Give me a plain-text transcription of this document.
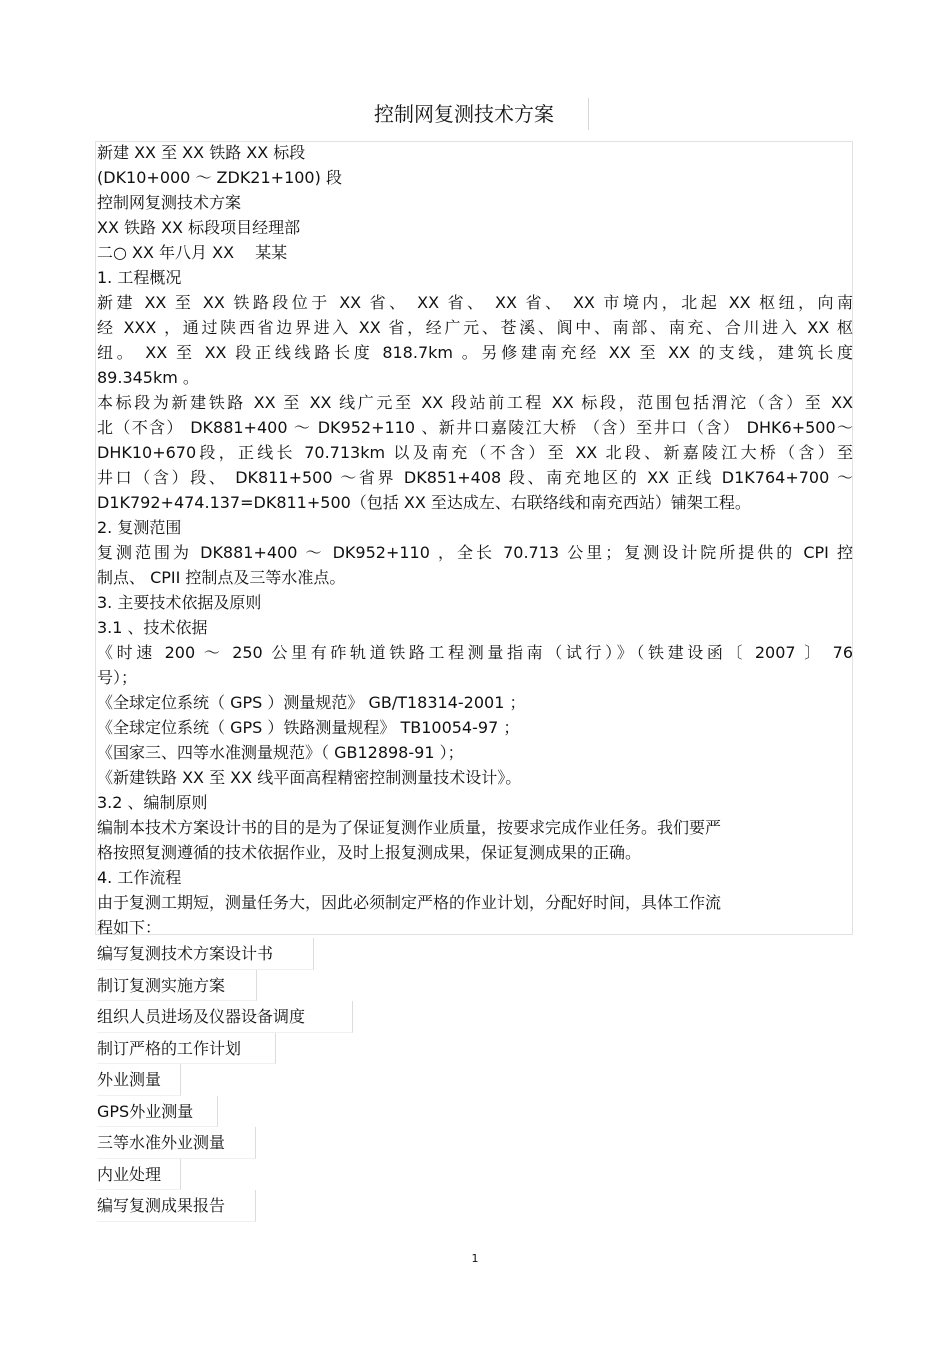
控制网复测技术方案
新建 XX 至 XX 铁路 XX 标段
(DK10+000 ～ ZDK21+100) 段
控制网复测技术方案
XX 铁路 XX 标段项目经理部
二○ XX 年八月 XX 　某某
1. 工程概况
新建 XX 至 XX 铁路段位于 XX 省、 XX 省、 XX 省、 XX 市境内，北起 XX 枢纽，向南
经 XXX ，通过陕西省边界进入 XX 省，经广元、苍溪、阆中、南部、南充、合川进入 XX 枢
纽。 XX 至 XX 段正线线路长度 818.7km 。另修建南充经 XX 至 XX 的支线，建筑长度
89.345km 。
本标段为新建铁路 XX 至 XX 线广元至 XX 段站前工程 XX 标段，范围包括渭沱（含）至 XX
北（不含） DK881+400 ～ DK952+110 、新井口嘉陵江大桥 （含）至井口（含） DHK6+500～
DHK10+670段，正线长 70.713km 以及南充（不含）至 XX 北段、新嘉陵江大桥（含）至
井口（含）段、 DK811+500 ～省界 DK851+408 段、南充地区的 XX 正线 D1K764+700 ～
D1K792+474.137=DK811+500（包括 XX 至达成左、右联络线和南充西站）铺架工程。
2. 复测范围
复测范围为 DK881+400 ～ DK952+110 ，全长 70.713 公里；复测设计院所提供的 CPI 控
制点、 CPII 控制点及三等水准点。
3. 主要技术依据及原则
3.1 、技术依据
《时速 200 ～ 250 公里有砟轨道铁路工程测量指南（试行）》（铁建设函〔 2007 〕 76
号）；
《全球定位系统（ GPS ）测量规范》 GB/T18314-2001 ；
《全球定位系统（ GPS ）铁路测量规程》 TB10054-97 ；
《国家三、四等水准测量规范》（ GB12898-91 ）；
《新建铁路 XX 至 XX 线平面高程精密控制测量技术设计》。
3.2 、编制原则
编制本技术方案设计书的目的是为了保证复测作业质量，按要求完成作业任务。我们要严
格按照复测遵循的技术依据作业，及时上报复测成果，保证复测成果的正确。
4. 工作流程
由于复测工期短，测量任务大，因此必须制定严格的作业计划，分配好时间，具体工作流
程如下：
编写复测技术方案设计书
制订复测实施方案
组织人员进场及仪器设备调度
制订严格的工作计划
外业测量
GPS外业测量
三等水准外业测量
内业处理
编写复测成果报告
1
